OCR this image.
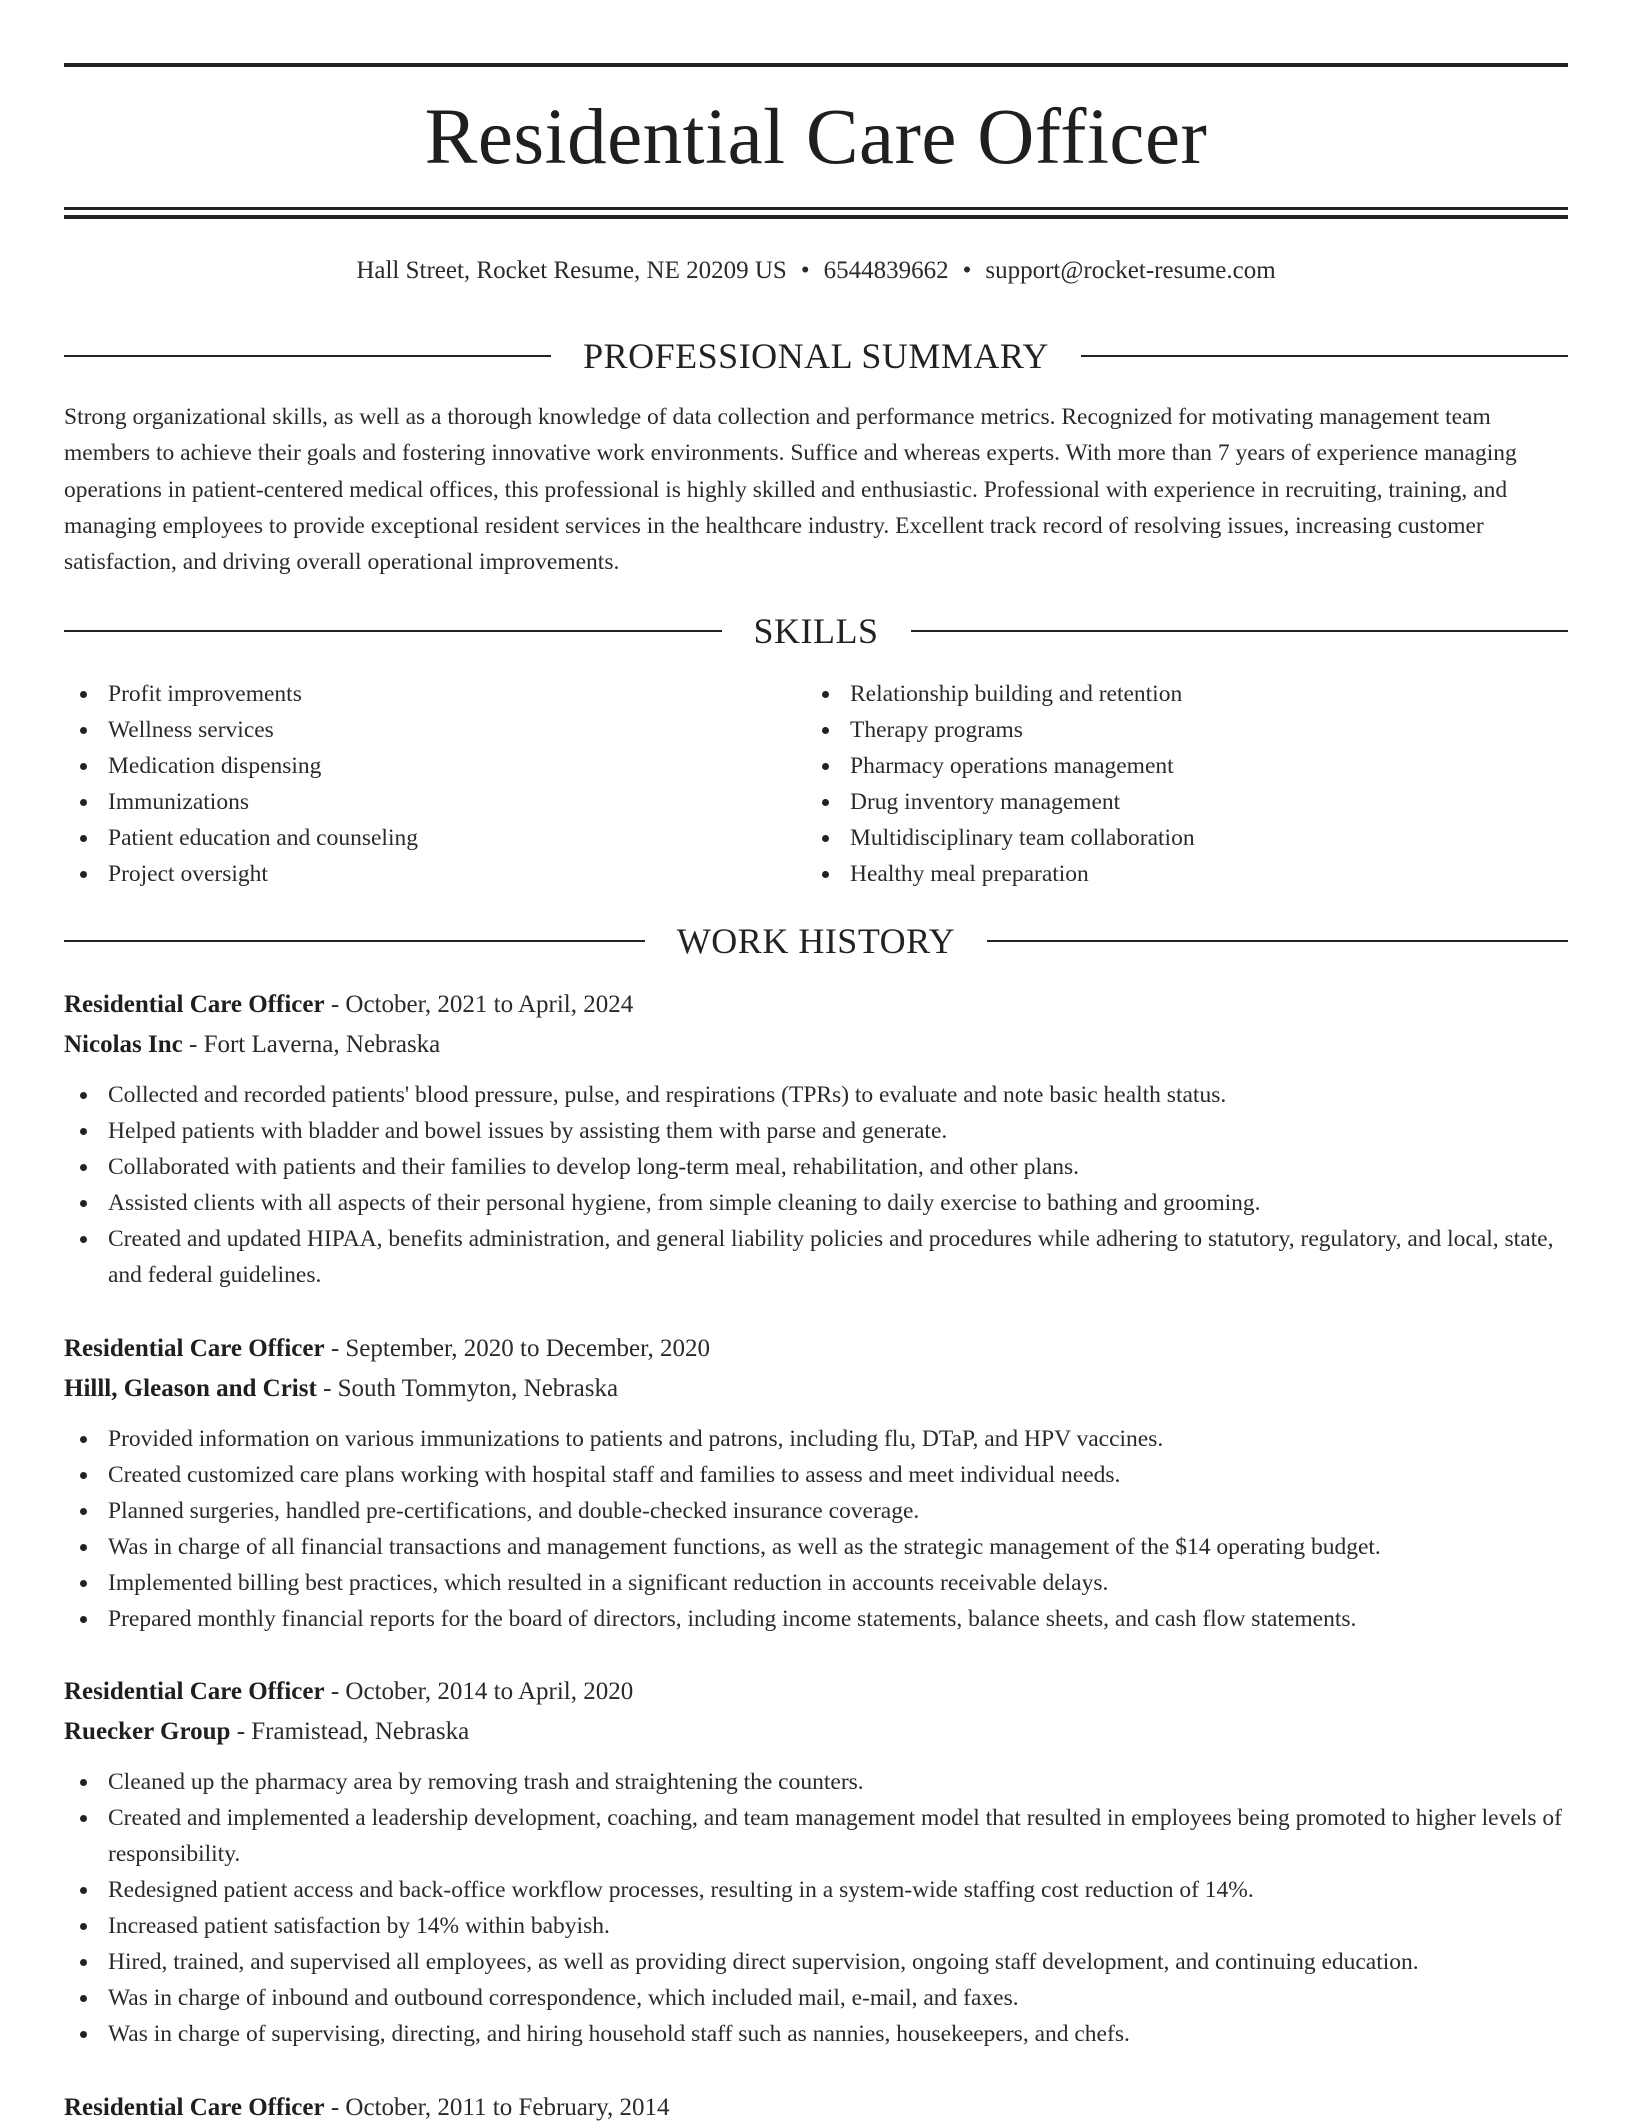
Residential Care Officer
Hall Street, Rocket Resume, NE 20209 US • 6544839662 • support@rocket-resume.com
PROFESSIONAL SUMMARY

Strong organizational skills, as well as a thorough knowledge of data collection and performance metrics. Recognized for motivating management team members to achieve their goals and fostering innovative work environments. Suffice and whereas experts. With more than 7 years of experience managing operations in patient-centered medical offices, this professional is highly skilled and enthusiastic. Professional with experience in recruiting, training, and managing employees to provide exceptional resident services in the healthcare industry. Excellent track record of resolving issues, increasing customer satisfaction, and driving overall operational improvements.

SKILLS
Profit improvements
Wellness services
Medication dispensing
Immunizations
Patient education and counseling
Project oversight
Relationship building and retention
Therapy programs
Pharmacy operations management
Drug inventory management
Multidisciplinary team collaboration
Healthy meal preparation
WORK HISTORY
Residential Care Officer - October, 2021 to April, 2024
Nicolas Inc - Fort Laverna, Nebraska
Collected and recorded patients' blood pressure, pulse, and respirations (TPRs) to evaluate and note basic health status.
Helped patients with bladder and bowel issues by assisting them with parse and generate.
Collaborated with patients and their families to develop long-term meal, rehabilitation, and other plans.
Assisted clients with all aspects of their personal hygiene, from simple cleaning to daily exercise to bathing and grooming.
Created and updated HIPAA, benefits administration, and general liability policies and procedures while adhering to statutory, regulatory, and local, state, and federal guidelines.
Residential Care Officer - September, 2020 to December, 2020
Hilll, Gleason and Crist - South Tommyton, Nebraska
Provided information on various immunizations to patients and patrons, including flu, DTaP, and HPV vaccines.
Created customized care plans working with hospital staff and families to assess and meet individual needs.
Planned surgeries, handled pre-certifications, and double-checked insurance coverage.
Was in charge of all financial transactions and management functions, as well as the strategic management of the $14 operating budget.
Implemented billing best practices, which resulted in a significant reduction in accounts receivable delays.
Prepared monthly financial reports for the board of directors, including income statements, balance sheets, and cash flow statements.
Residential Care Officer - October, 2014 to April, 2020
Ruecker Group - Framistead, Nebraska
Cleaned up the pharmacy area by removing trash and straightening the counters.
Created and implemented a leadership development, coaching, and team management model that resulted in employees being promoted to higher levels of responsibility.
Redesigned patient access and back-office workflow processes, resulting in a system-wide staffing cost reduction of 14%.
Increased patient satisfaction by 14% within babyish.
Hired, trained, and supervised all employees, as well as providing direct supervision, ongoing staff development, and continuing education.
Was in charge of inbound and outbound correspondence, which included mail, e-mail, and faxes.
Was in charge of supervising, directing, and hiring household staff such as nannies, housekeepers, and chefs.
Residential Care Officer - October, 2011 to February, 2014
